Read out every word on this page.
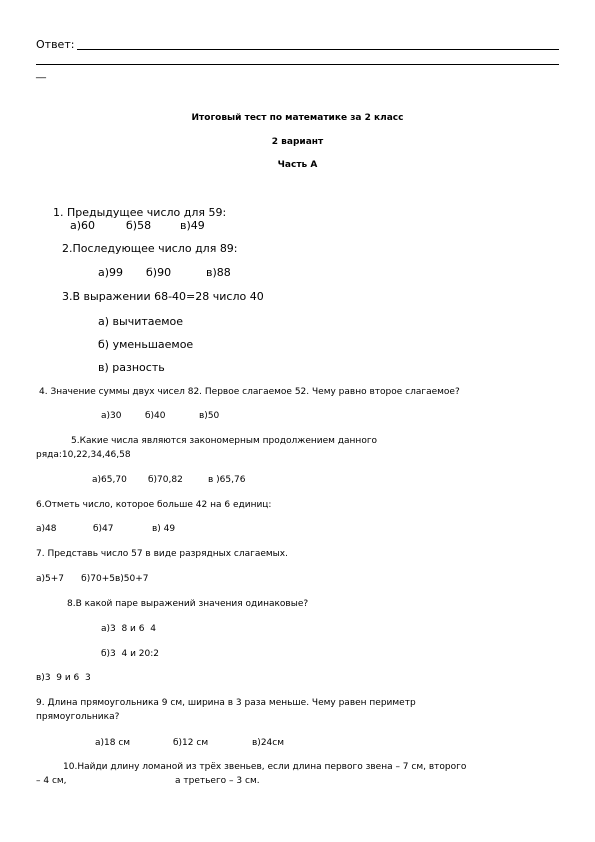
Ответ:
__
Итоговый тест по математике за 2 класс
2 вариант
Часть А
1. Предыдущее число для 59:
а)60	б)58	в)49
2.Последующее число для 89:
а)99 б)90	в)88
3.В выражении 68-40=28 число 40
а) вычитаемое
б) уменьшаемое
в) разность
4. Значение суммы двух чисел 82. Первое слагаемое 52. Чему равно второе слагаемое?
а)30	б)40	в)50
5.Какие числа являются закономерным продолжением данного
ряда:10,22,34,46,58
а)65,70 б)70,82	в )65,76
6.Отметь число, которое больше 42 на 6 единиц:
а)48	б)47	в) 49
7. Представь число 57 в виде разрядных слагаемых.
а)5+7      б)70+5в)50+7
8.В какой паре выражений значения одинаковые?
а)3  8 и 6  4
б)3  4 и 20:2
в)3  9 и 6  3
9. Длина прямоугольника 9 см, ширина в 3 раза меньше. Чему равен периметр
прямоугольника?
а)18 см	б)12 см	в)24см
10.Найди длину ломаной из трёх звеньев, если длина первого звена – 7 см, второго
– 4 см,	а третьего – 3 см.
